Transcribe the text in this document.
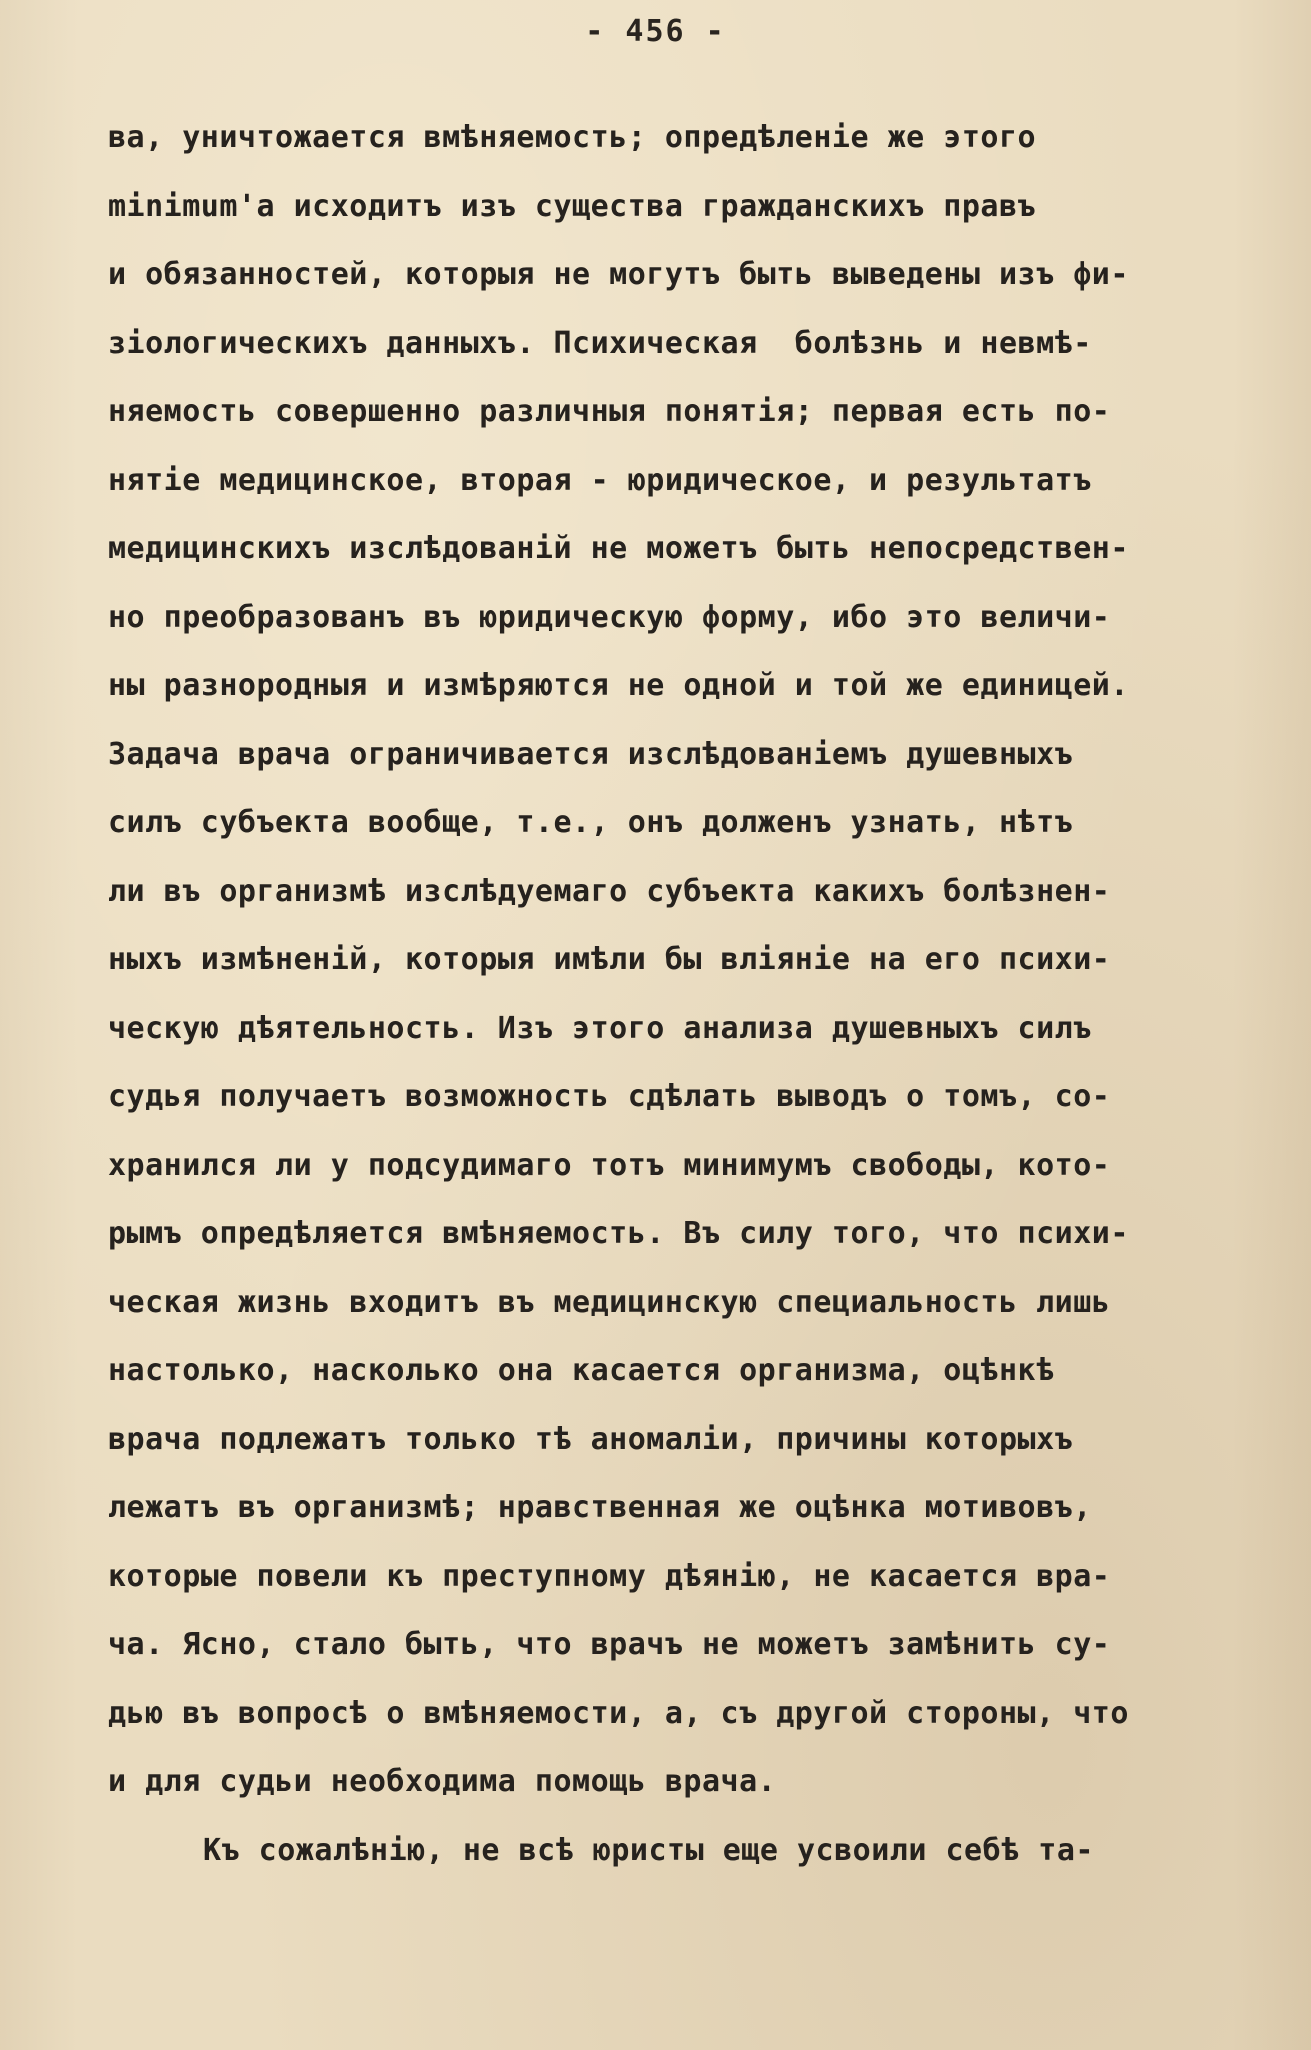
- 456 -
ва, уничтожается вмѣняемость; опредѣленіе же этого
minimum'a исходитъ изъ существа гражданскихъ правъ
и обязанностей, которыя не могутъ быть выведены изъ фи-
зіологическихъ данныхъ. Психическая  болѣзнь и невмѣ-
няемость совершенно различныя понятія; первая есть по-
нятіе медицинское, вторая - юридическое, и результатъ
медицинскихъ изслѣдованій не можетъ быть непосредствен-
но преобразованъ въ юридическую форму, ибо это величи-
ны разнородныя и измѣряются не одной и той же единицей.
Задача врача ограничивается изслѣдованіемъ душевныхъ
силъ субъекта вообще, т.е., онъ долженъ узнать, нѣтъ
ли въ организмѣ изслѣдуемаго субъекта какихъ болѣзнен-
ныхъ измѣненій, которыя имѣли бы вліяніе на его психи-
ческую дѣятельность. Изъ этого анализа душевныхъ силъ
судья получаетъ возможность сдѣлать выводъ о томъ, со-
хранился ли у подсудимаго тотъ минимумъ свободы, кото-
рымъ опредѣляется вмѣняемость. Въ силу того, что психи-
ческая жизнь входитъ въ медицинскую специальность лишь
настолько, насколько она касается организма, оцѣнкѣ
врача подлежатъ только тѣ аномаліи, причины которыхъ
лежатъ въ организмѣ; нравственная же оцѣнка мотивовъ,
которые повели къ преступному дѣянію, не касается вра-
ча. Ясно, стало быть, что врачъ не можетъ замѣнить су-
дью въ вопросѣ о вмѣняемости, а, съ другой стороны, что
и для судьи необходима помощь врача.
Къ сожалѣнію, не всѣ юристы еще усвоили себѣ та-
